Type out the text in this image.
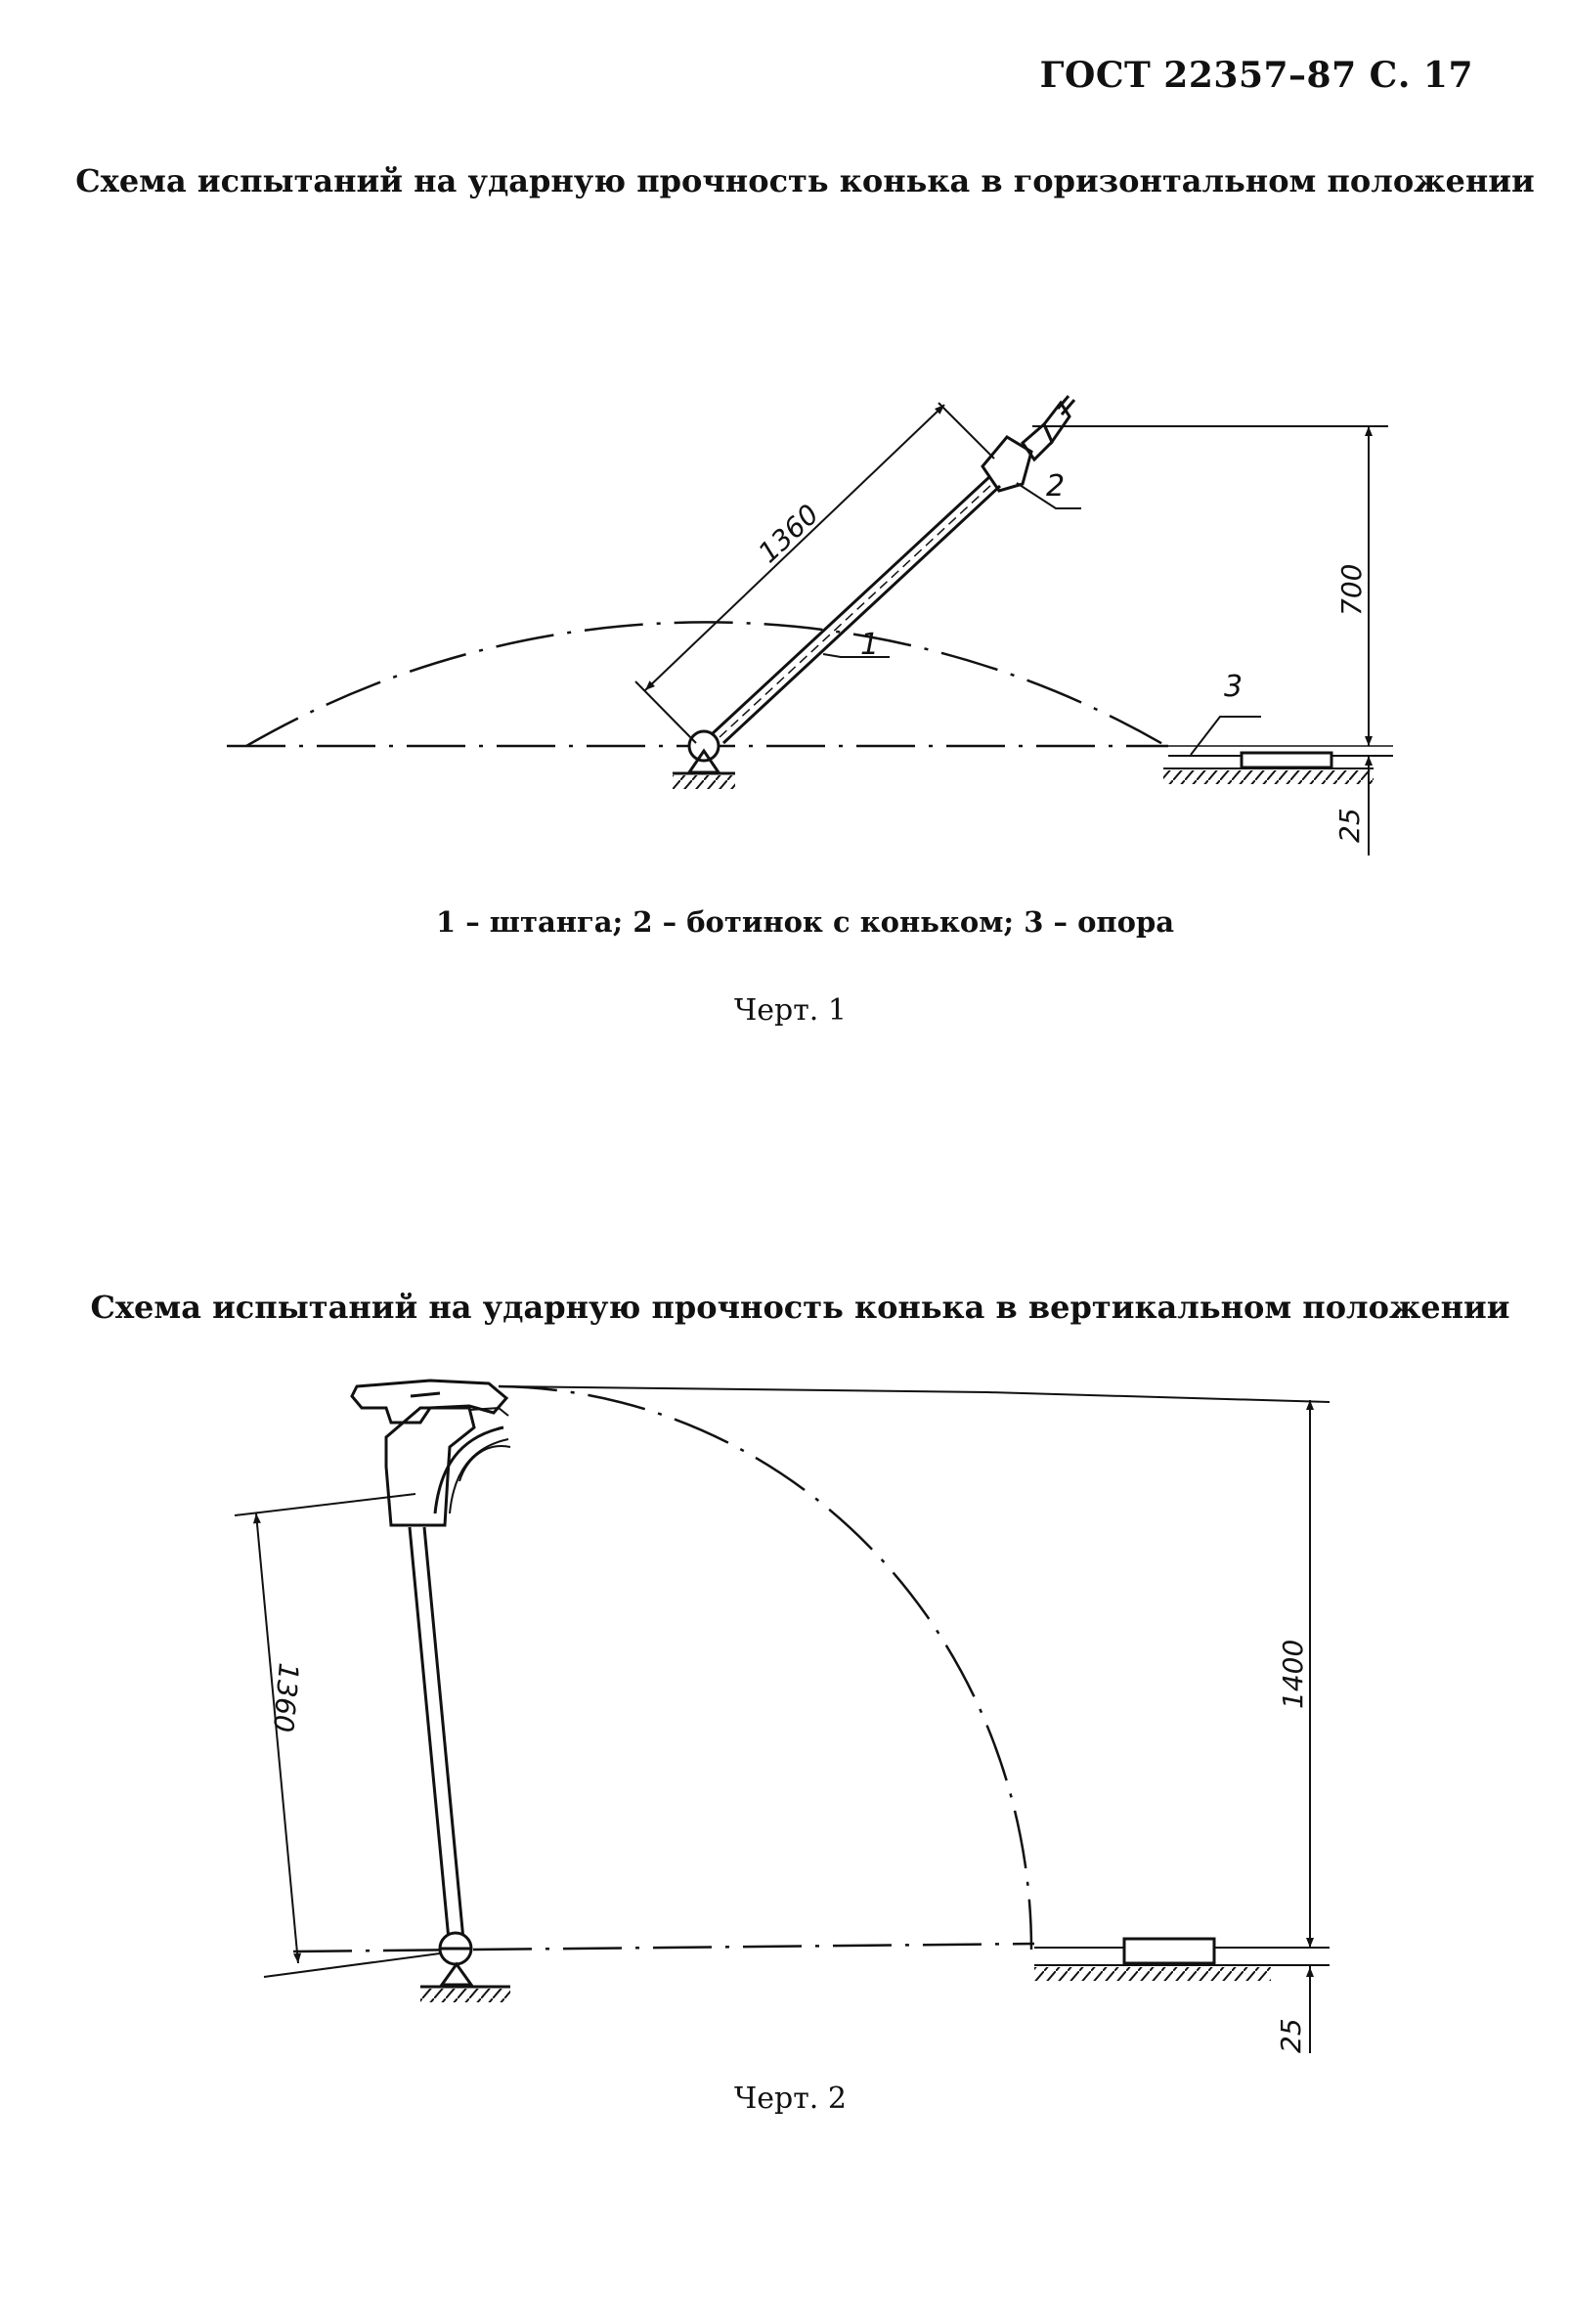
ГОСТ 22357–87 С. 17
Схема испытаний на ударную прочность конька в горизонтальном положении
1360
700
25
1
2
3
1360	1400
25
1 – штанга; 2 – ботинок с коньком; 3 – опора
Черт. 1
Схема испытаний на ударную прочность конька в вертикальном положении
Черт. 2
